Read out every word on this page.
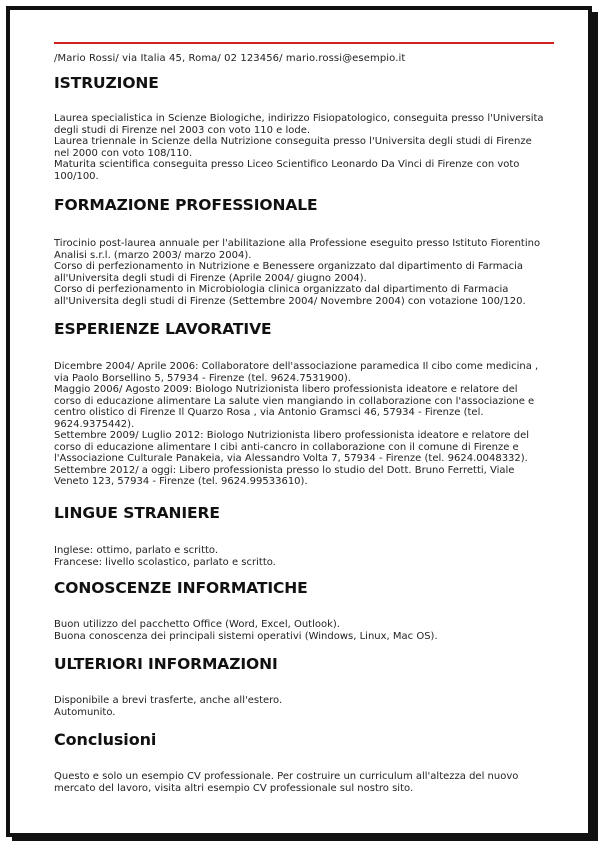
/Mario Rossi/ via Italia 45, Roma/ 02 123456/ mario.rossi@esempio.it
ISTRUZIONE

Laurea specialistica in Scienze Biologiche, indirizzo Fisiopatologico, conseguita presso l'Universita degli studi di Firenze nel 2003 con voto 110 e lode.

Laurea triennale in Scienze della Nutrizione conseguita presso l'Universita degli studi di Firenze nel 2000 con voto 108/110.

Maturita scientifica conseguita presso Liceo Scientifico Leonardo Da Vinci di Firenze con voto 100/100.

FORMAZIONE PROFESSIONALE

Tirocinio post-laurea annuale per l'abilitazione alla Professione eseguito presso Istituto Fiorentino Analisi s.r.l. (marzo 2003/ marzo 2004).

Corso di perfezionamento in Nutrizione e Benessere organizzato dal dipartimento di Farmacia all'Universita degli studi di Firenze (Aprile 2004/ giugno 2004).

Corso di perfezionamento in Microbiologia clinica organizzato dal dipartimento di Farmacia all'Universita degli studi di Firenze (Settembre 2004/ Novembre 2004) con votazione 100/120.

ESPERIENZE LAVORATIVE

Dicembre 2004/ Aprile 2006: Collaboratore dell'associazione paramedica Il cibo come medicina , via Paolo Borsellino 5, 57934 - Firenze (tel. 9624.7531900).

Maggio 2006/ Agosto 2009: Biologo Nutrizionista libero professionista ideatore e relatore del corso di educazione alimentare La salute vien mangiando in collaborazione con l'associazione e centro olistico di Firenze Il Quarzo Rosa , via Antonio Gramsci 46, 57934 - Firenze (tel. 9624.9375442).

Settembre 2009/ Luglio 2012: Biologo Nutrizionista libero professionista ideatore e relatore del corso di educazione alimentare I cibi anti-cancro in collaborazione con il comune di Firenze e l'Associazione Culturale Panakeia, via Alessandro Volta 7, 57934 - Firenze (tel. 9624.0048332).

Settembre 2012/ a oggi: Libero professionista presso lo studio del Dott. Bruno Ferretti, Viale Veneto 123, 57934 - Firenze (tel. 9624.99533610).

LINGUE STRANIERE

Inglese: ottimo, parlato e scritto.

Francese: livello scolastico, parlato e scritto.

CONOSCENZE INFORMATICHE

Buon utilizzo del pacchetto Office (Word, Excel, Outlook).

Buona conoscenza dei principali sistemi operativi (Windows, Linux, Mac OS).

ULTERIORI INFORMAZIONI

Disponibile a brevi trasferte, anche all'estero.

Automunito.

Conclusioni

Questo e solo un esempio CV professionale. Per costruire un curriculum all'altezza del nuovo mercato del lavoro, visita altri esempio CV professionale sul nostro sito.
